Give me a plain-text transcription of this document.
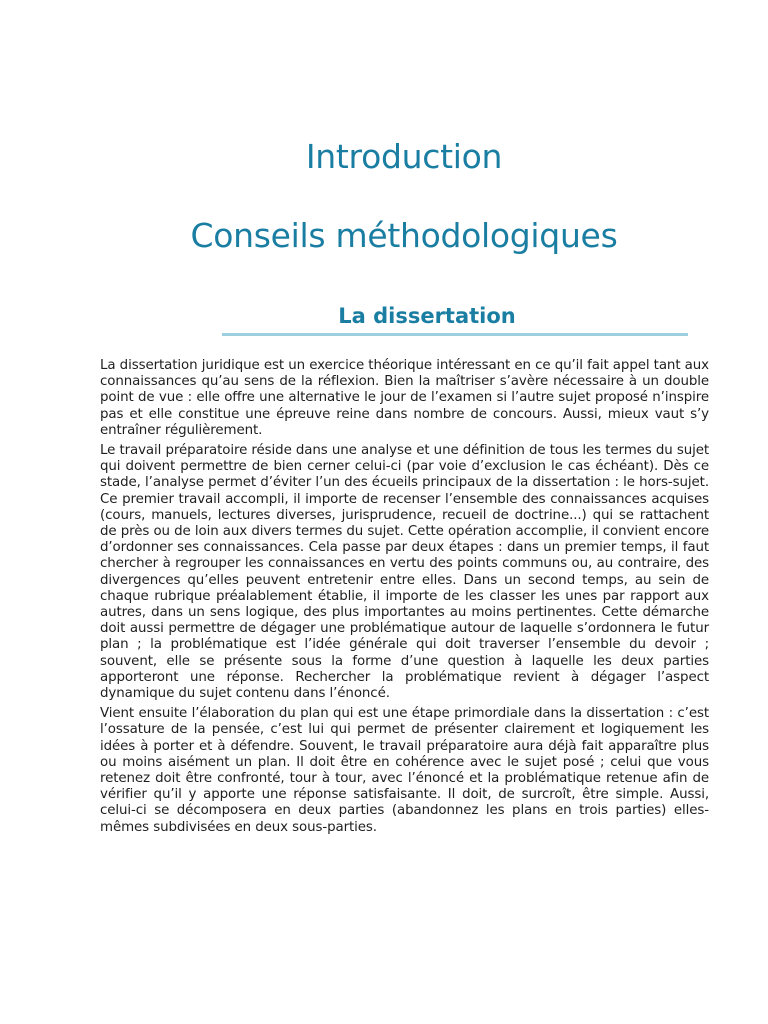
Introduction
Conseils méthodologiques
La dissertation

La dissertation juridique est un exercice théorique intéressant en ce qu’il fait appel tant aux connaissances qu’au sens de la réflexion. Bien la maîtriser s’avère nécessaire à un double point de vue : elle offre une alternative le jour de l’examen si l’autre sujet proposé n’inspire pas et elle constitue une épreuve reine dans nombre de concours. Aussi, mieux vaut s’y entraîner régulièrement.

Le travail préparatoire réside dans une analyse et une définition de tous les termes du sujet qui doivent permettre de bien cerner celui-ci (par voie d’exclusion le cas échéant). Dès ce stade, l’analyse permet d’éviter l’un des écueils principaux de la dissertation : le hors-sujet. Ce premier travail accompli, il importe de recenser l’ensemble des connaissances acquises (cours, manuels, lectures diverses, jurisprudence, recueil de doctrine...) qui se rattachent de près ou de loin aux divers termes du sujet. Cette opération accomplie, il convient encore d’ordonner ses connaissances. Cela passe par deux étapes : dans un premier temps, il faut chercher à regrouper les connaissances en vertu des points communs ou, au contraire, des divergences qu’elles peuvent entretenir entre elles. Dans un second temps, au sein de chaque rubrique préalablement établie, il importe de les classer les unes par rapport aux autres, dans un sens logique, des plus importantes au moins pertinentes. Cette démarche doit aussi permettre de dégager une problématique autour de laquelle s’ordonnera le futur plan ; la problématique est l’idée générale qui doit traverser l’ensemble du devoir ; souvent, elle se présente sous la forme d’une question à laquelle les deux parties apporteront une réponse. Rechercher la problématique revient à dégager l’aspect dynamique du sujet contenu dans l’énoncé.

Vient ensuite l’élaboration du plan qui est une étape primordiale dans la dissertation : c’est l’ossature de la pensée, c’est lui qui permet de présenter clairement et logiquement les idées à porter et à défendre. Souvent, le travail préparatoire aura déjà fait apparaître plus ou moins aisément un plan. Il doit être en cohérence avec le sujet posé ; celui que vous retenez doit être confronté, tour à tour, avec l’énoncé et la problématique retenue afin de vérifier qu’il y apporte une réponse satisfaisante. Il doit, de surcroît, être simple. Aussi, celui-ci se décomposera en deux parties (abandonnez les plans en trois parties) elles-mêmes subdivisées en deux sous-parties.
